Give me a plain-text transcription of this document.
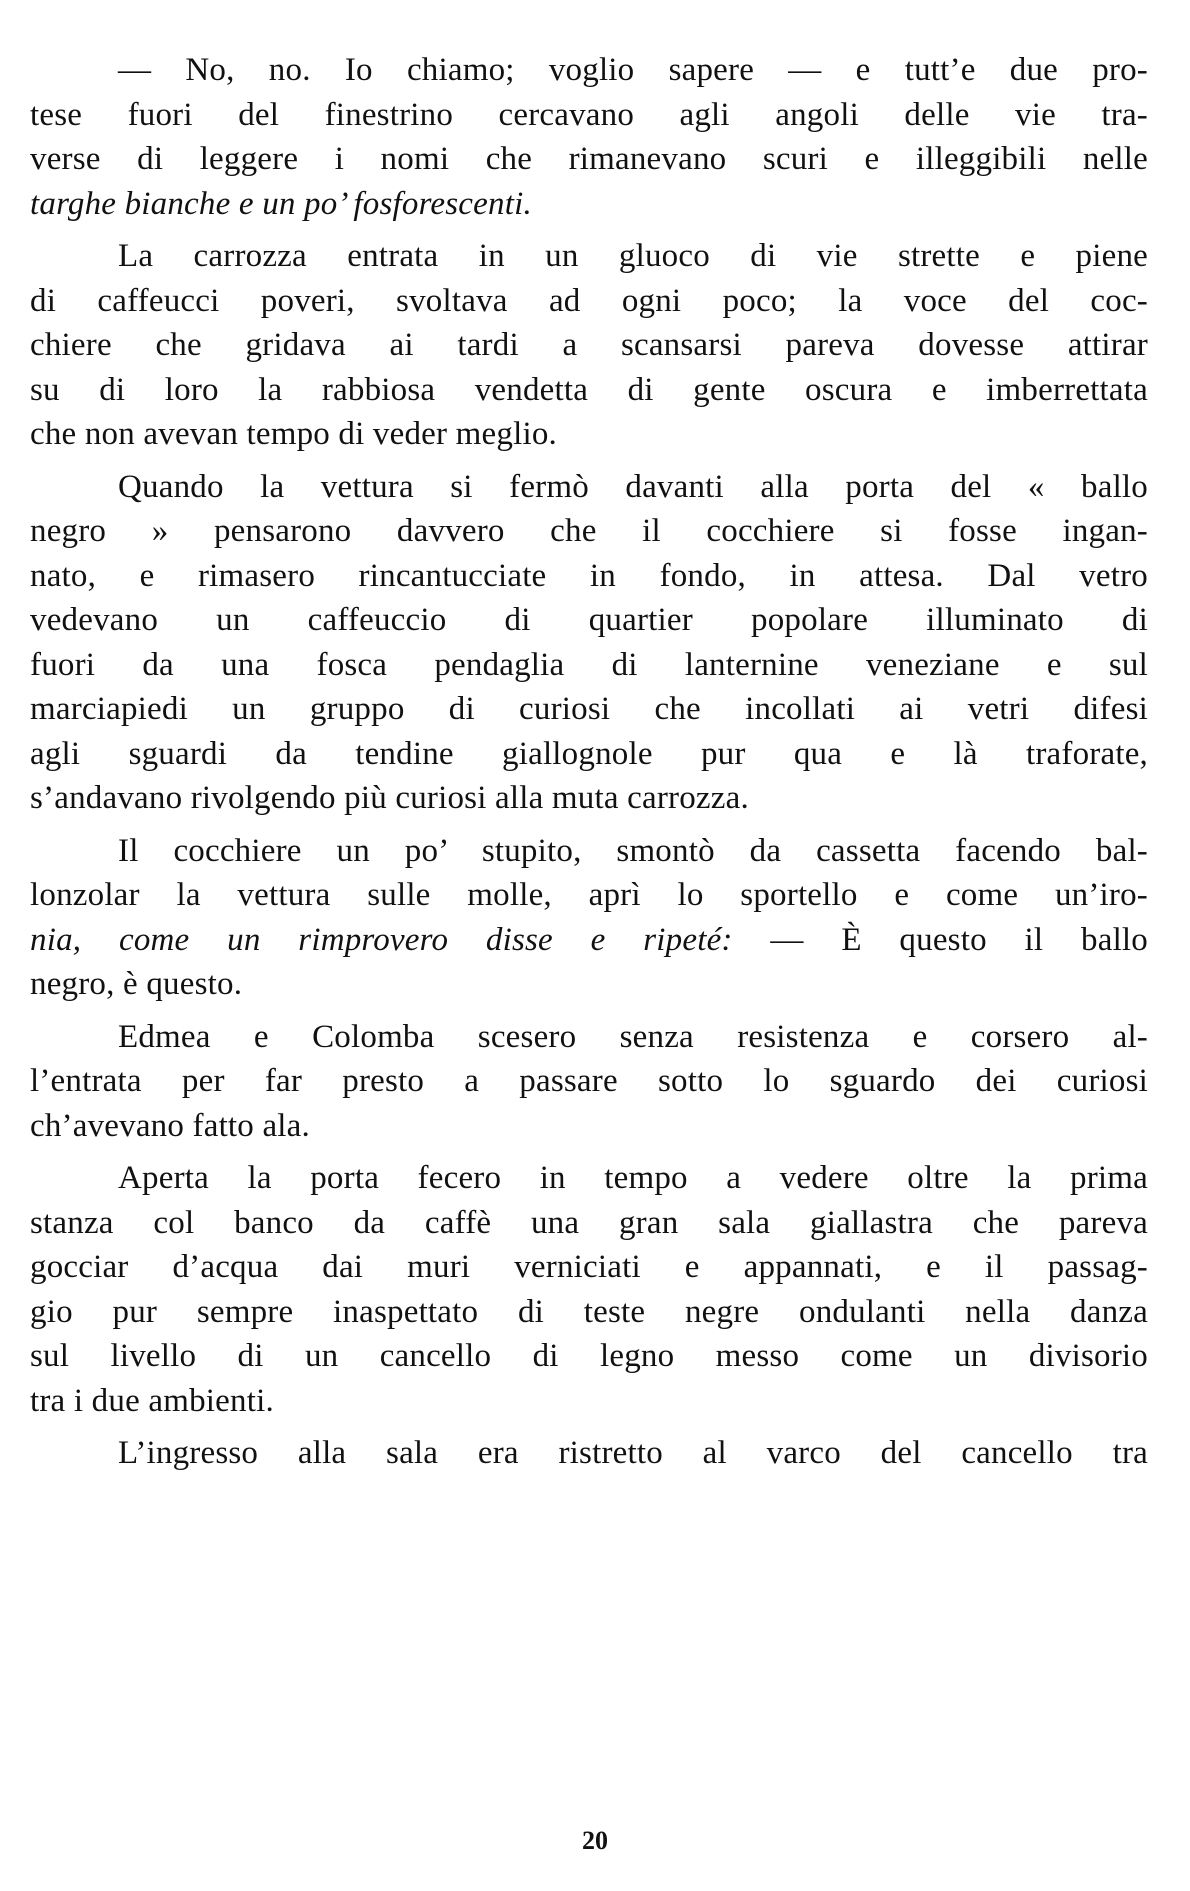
— No, no. Io chiamo; voglio sapere — e tutt’e due pro-
tese fuori del finestrino cercavano agli angoli delle vie tra-
verse di leggere i nomi che rimanevano scuri e illeggibili nelle
targhe bianche e un po’ fosforescenti.

La carrozza entrata in un gluoco di vie strette e piene
di caffeucci poveri, svoltava ad ogni poco; la voce del coc-
chiere che gridava ai tardi a scansarsi pareva dovesse attirar
su di loro la rabbiosa vendetta di gente oscura e imberrettata
che non avevan tempo di veder meglio.

Quando la vettura si fermò davanti alla porta del « ballo
negro » pensarono davvero che il cocchiere si fosse ingan-
nato, e rimasero rincantucciate in fondo, in attesa. Dal vetro
vedevano un caffeuccio di quartier popolare illuminato di
fuori da una fosca pendaglia di lanternine veneziane e sul
marciapiedi un gruppo di curiosi che incollati ai vetri difesi
agli sguardi da tendine giallognole pur qua e là traforate,
s’andavano rivolgendo più curiosi alla muta carrozza.

Il cocchiere un po’ stupito, smontò da cassetta facendo bal-
lonzolar la vettura sulle molle, aprì lo sportello e come un’iro-
nia, come un rimprovero disse e ripeté: — È questo il ballo
negro, è questo.

Edmea e Colomba scesero senza resistenza e corsero al-
l’entrata per far presto a passare sotto lo sguardo dei curiosi
ch’avevano fatto ala.

Aperta la porta fecero in tempo a vedere oltre la prima
stanza col banco da caffè una gran sala giallastra che pareva
gocciar d’acqua dai muri verniciati e appannati, e il passag-
gio pur sempre inaspettato di teste negre ondulanti nella danza
sul livello di un cancello di legno messo come un divisorio
tra i due ambienti.

L’ingresso alla sala era ristretto al varco del cancello tra

20
